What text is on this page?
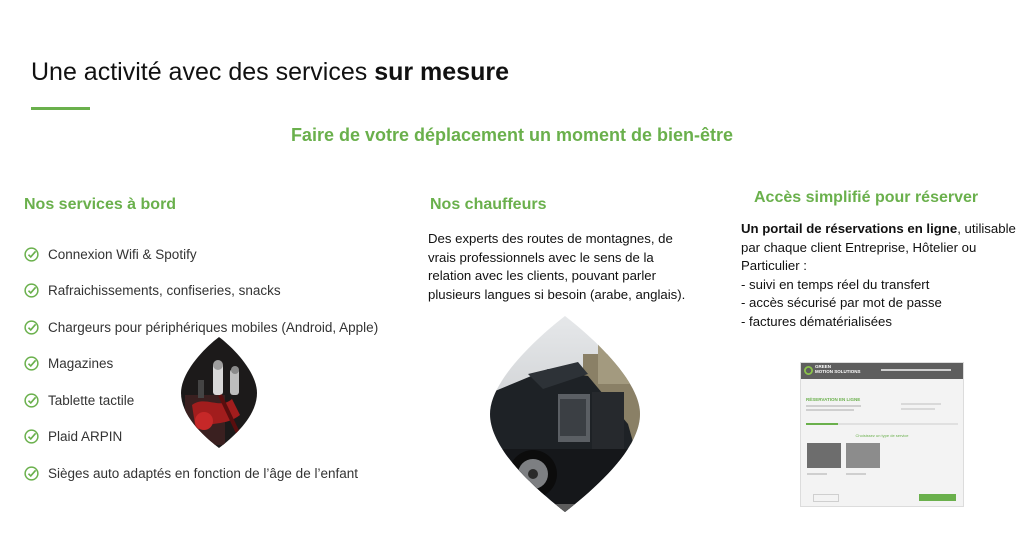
Une activité avec des services sur mesure
Faire de votre déplacement un moment de bien-être
Nos services à bord
Connexion Wifi & Spotify
Rafraichissements, confiseries, snacks
Chargeurs pour périphériques mobiles (Android, Apple)
Magazines
Tablette tactile
Plaid ARPIN
Sièges auto adaptés en fonction de l’âge de l’enfant
Nos chauffeurs
Des experts des routes de montagnes, de
vrais professionnels avec le sens de la
relation avec les clients, pouvant parler
plusieurs langues si besoin (arabe, anglais).
Accès simplifié pour réserver
Un portail de réservations en ligne, utilisable
par chaque client Entreprise, Hôtelier ou
Particulier :
- suivi en temps réel du transfert
- accès sécurisé par mot de passe
- factures dématérialisées
GREEN
MOTION SOLUTIONS
RÉSERVATION EN LIGNE
Choisissez un type de service
